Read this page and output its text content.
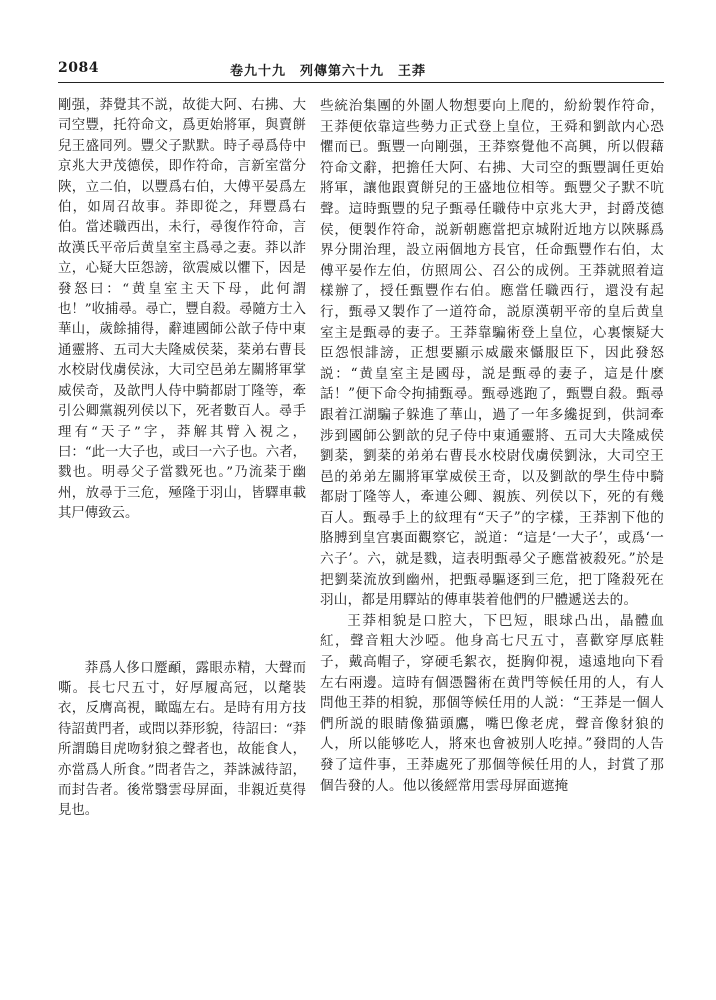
2084	卷九十九　列傳第六十九　王莽

剛强，莽覺其不説，故徙大阿、右拂、大司空豐，托符命文，爲更始將軍，與賣餅兒王盛同列。豐父子默默。時子尋爲侍中京兆大尹茂德侯，即作符命，言新室當分陜，立二伯，以豐爲右伯，大傅平晏爲左伯，如周召故事。莽即從之，拜豐爲右伯。當述職西出，未行，尋復作符命，言故漢氏平帝后黄皇室主爲尋之妻。莽以詐立，心疑大臣怨謗，欲震威以懼下，因是發怒曰：“黄皇室主天下母，此何謂也！”收捕尋。尋亡，豐自殺。尋隨方士入華山，歲餘捕得，辭連國師公歆子侍中東通靈將、五司大夫隆威侯棻，棻弟右曹長水校尉伐虜侯泳，大司空邑弟左關將軍掌威侯奇，及歆門人侍中騎都尉丁隆等，牽引公卿黨親列侯以下，死者數百人。尋手理有“天子”字，莽解其臂入視之，曰：“此一大子也，或曰一六子也。六者，戮也。明尋父子當戮死也。”乃流棻于幽州，放尋于三危，殛隆于羽山，皆驛車載其尸傳致云。

莽爲人侈口蹷顄，露眼赤精，大聲而嘶。長七尺五寸，好厚履高冠，以氂裝衣，反膺高視，瞰臨左右。是時有用方技待詔黄門者，或問以莽形貌，待詔曰：“莽所謂鴟目虎吻豺狼之聲者也，故能食人，亦當爲人所食。”問者告之，莽誅滅待詔，而封告者。後常翳雲母屏面，非親近莫得見也。

些統治集團的外圍人物想要向上爬的，紛紛製作符命，王莽便依靠這些勢力正式登上皇位，王舜和劉歆内心恐懼而已。甄豐一向剛强，王莽察覺他不高興，所以假藉符命文辭，把擔任大阿、右拂、大司空的甄豐調任更始將軍，讓他跟賣餅兒的王盛地位相等。甄豐父子默不吭聲。這時甄豐的兒子甄尋任職侍中京兆大尹，封爵茂德侯，便製作符命，説新朝應當把京城附近地方以陜縣爲界分開治理，設立兩個地方長官，任命甄豐作右伯，太傅平晏作左伯，仿照周公、召公的成例。王莽就照着這樣辦了，授任甄豐作右伯。應當任職西行，還没有起行，甄尋又製作了一道符命，説原漢朝平帝的皇后黄皇室主是甄尋的妻子。王莽靠騙術登上皇位，心裏懷疑大臣怨恨誹謗，正想要顯示威嚴來懾服臣下，因此發怒説：“黄皇室主是國母，説是甄尋的妻子，這是什麽話！”便下命令拘捕甄尋。甄尋逃跑了，甄豐自殺。甄尋跟着江湖騙子躲進了華山，過了一年多纔捉到，供詞牽涉到國師公劉歆的兒子侍中東通靈將、五司大夫隆威侯劉棻，劉棻的弟弟右曹長水校尉伐虜侯劉泳，大司空王邑的弟弟左關將軍掌威侯王奇，以及劉歆的學生侍中騎都尉丁隆等人，牽連公卿、親族、列侯以下，死的有幾百人。甄尋手上的紋理有“天子”的字樣，王莽割下他的胳膊到皇宫裏面觀察它，説道：“這是‘一大子’，或爲‘一六子’。六，就是戮，這表明甄尋父子應當被殺死。”於是把劉棻流放到幽州，把甄尋驅逐到三危，把丁隆殺死在羽山，都是用驛站的傳車裝着他們的尸體遞送去的。

王莽相貌是口腔大，下巴短，眼球凸出，晶體血紅，聲音粗大沙啞。他身高七尺五寸，喜歡穿厚底鞋子，戴高帽子，穿硬毛絮衣，挺胸仰視，遠遠地向下看左右兩邊。這時有個憑醫術在黄門等候任用的人，有人問他王莽的相貌，那個等候任用的人説：“王莽是一個人們所説的眼睛像猫頭鷹，嘴巴像老虎，聲音像豺狼的人，所以能够吃人，將來也會被别人吃掉。”發問的人告發了這件事，王莽處死了那個等候任用的人，封賞了那個告發的人。他以後經常用雲母屏面遮掩
